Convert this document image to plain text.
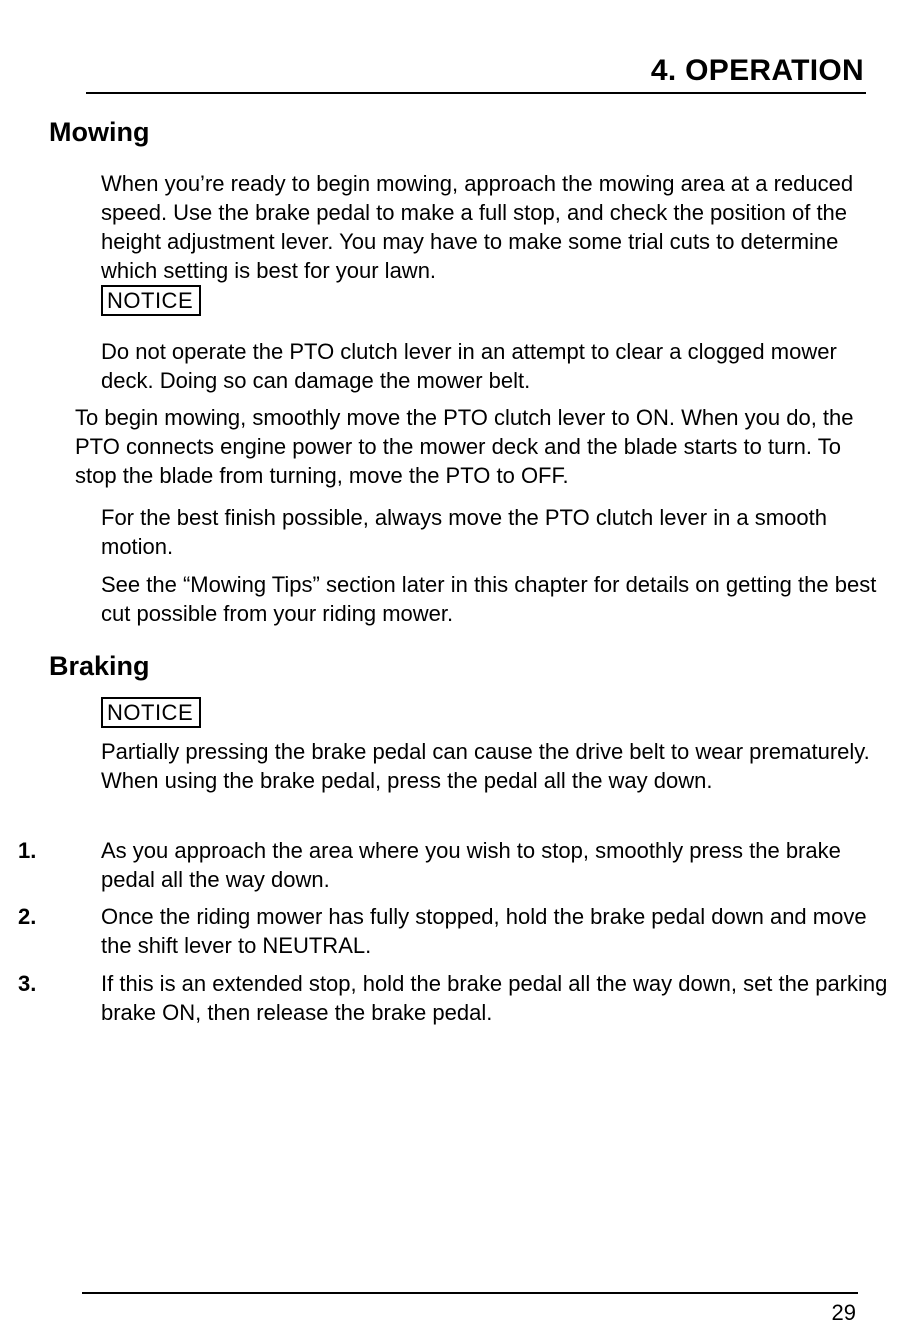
4. OPERATION
Mowing
When you’re ready to begin mowing, approach the mowing area at a reduced speed. Use the brake pedal to make a full stop, and check the position of the height adjustment lever. You may have to make some trial cuts to determine which setting is best for your lawn.
NOTICE
Do not operate the PTO clutch lever in an attempt to clear a clogged mower deck. Doing so can damage the mower belt.
To begin mowing, smoothly move the PTO clutch lever to ON. When you do, the PTO connects engine power to the mower deck and the blade starts to turn. To stop the blade from turning, move the PTO to OFF.
For the best finish possible, always move the PTO clutch lever in a smooth motion.
See the “Mowing Tips” section later in this chapter for details on getting the best cut possible from your riding mower.
Braking
NOTICE
Partially pressing the brake pedal can cause the drive belt to wear prematurely. When using the brake pedal, press the pedal all the way down.
1.	As you approach the area where you wish to stop, smoothly press the brake pedal all the way down.
2.	Once the riding mower has fully stopped, hold the brake pedal down and move the shift lever to NEUTRAL.
3.	If this is an extended stop, hold the brake pedal all the way down, set the parking brake ON, then release the brake pedal.
29
